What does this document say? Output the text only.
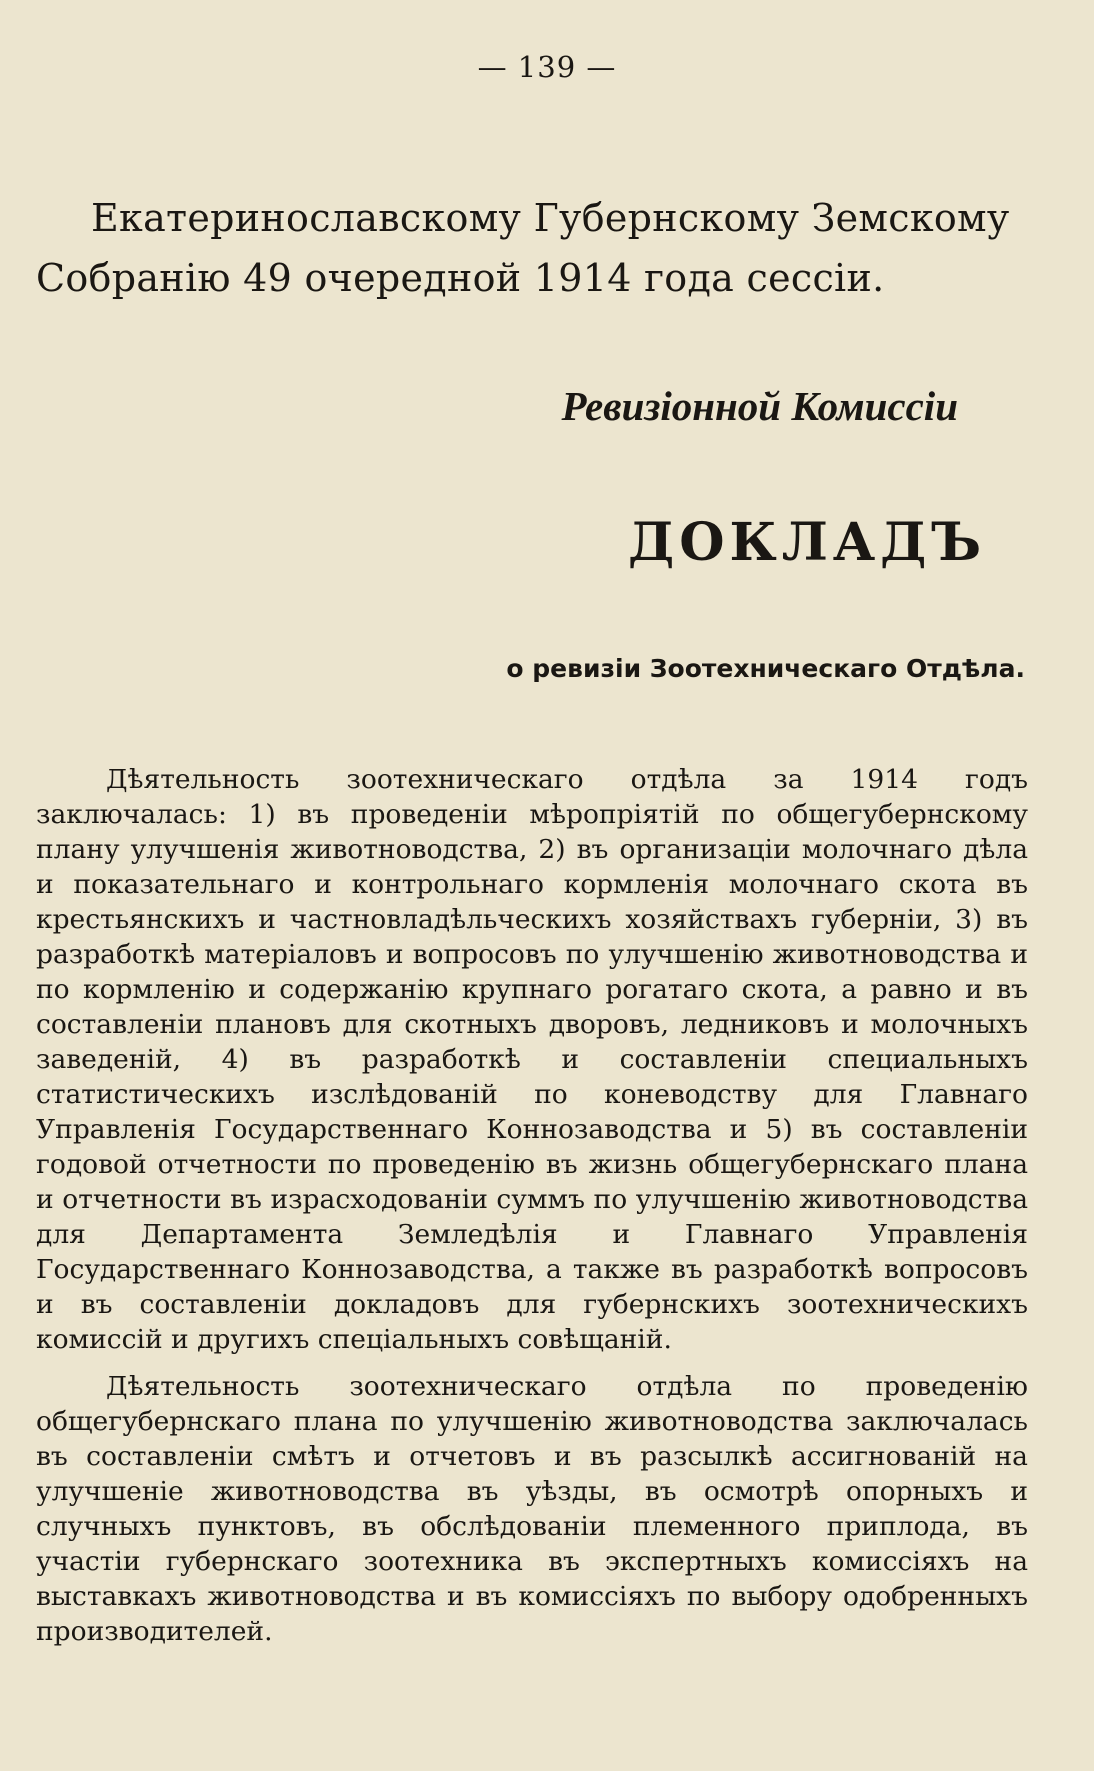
— 139 —
Екатеринославскому Губернскому Земскому
Собранію 49 очередной 1914 года сессіи.
Ревизіонной Комиссіи
ДОКЛАДЪ
о ревизіи Зоотехническаго Отдѣла.

Дѣятельность зоотехническаго отдѣла за 1914 годъ заключалась: 1) въ проведеніи мѣропріятій по общегубернскому плану улучшенія животноводства, 2) въ организаціи молочнаго дѣла и показательнаго и контрольнаго кормленія молочнаго скота въ крестьянскихъ и частновладѣльческихъ хозяйствахъ губерніи, 3) въ разработкѣ матеріаловъ и вопросовъ по улучшенію животноводства и по кормленію и содержанію крупнаго рогатаго скота, а равно и въ составленіи плановъ для скотныхъ дворовъ, ледниковъ и молочныхъ заведеній, 4) въ разработкѣ и составленіи специальныхъ статистическихъ изслѣдованій по коневодству для Главнаго Управленія Государственнаго Коннозаводства и 5) въ составленіи годовой отчетности по проведенію въ жизнь общегубернскаго плана и отчетности въ израсходованіи суммъ по улучшенію животноводства для Департамента Земледѣлія и Главнаго Управленія Государственнаго Коннозаводства, а также въ разработкѣ вопросовъ и въ составленіи докладовъ для губернскихъ зоотехническихъ комиссій и другихъ спеціальныхъ совѣщаній.

Дѣятельность зоотехническаго отдѣла по проведенію общегубернскаго плана по улучшенію животноводства заключалась въ составленіи смѣтъ и отчетовъ и въ разсылкѣ ассигнованій на улучшеніе животноводства въ уѣзды, въ осмотрѣ опорныхъ и случныхъ пунктовъ, въ обслѣдованіи племенного приплода, въ участіи губернскаго зоотехника въ экспертныхъ комиссіяхъ на выставкахъ животноводства и въ комиссіяхъ по выбору одобренныхъ производителей.
